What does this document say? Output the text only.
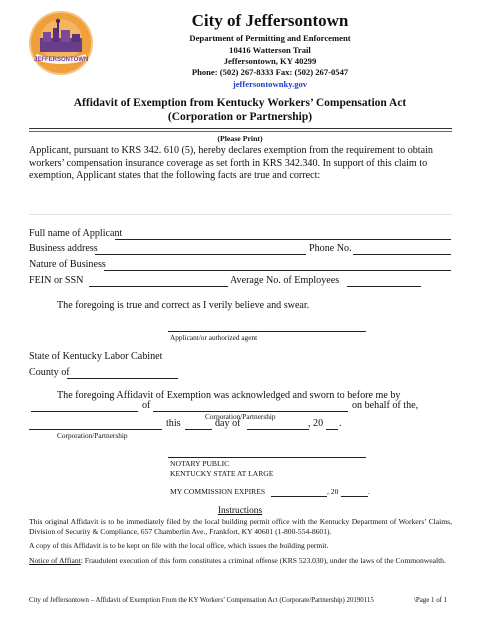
JEFFERSONTOWN
City of Jeffersontown
Department of Permitting and Enforcement
10416 Watterson Trail
Jeffersontown, KY 40299
Phone: (502) 267-8333 Fax: (502) 267-0547
jeffersontownky.gov
Affidavit of Exemption from Kentucky Workers’ Compensation Act
(Corporation or Partnership)
(Please Print)
Applicant, pursuant to KRS 342. 610 (5), hereby declares exemption from the requirement to obtain workers’ compensation insurance coverage as set forth in KRS 342.340. In support of this claim to exemption, Applicant states that the following facts are true and correct:
Full name of Applicant
Business address	Phone No.
Nature of Business
FEIN or SSN	Average No. of Employees
The foregoing is true and correct as I verily believe and swear.
Applicant/or authorized agent
State of Kentucky Labor Cabinet
County of
The foregoing Affidavit of Exemption was acknowledged and sworn to before me by
of	on behalf of the,
Corporation/Partnership
this	day of	, 20 .
Corporation/Partnership
NOTARY PUBLIC
KENTUCKY STATE AT LARGE
MY COMMISSION EXPIRES	, 20	.
Instructions
This original Affidavit is to be immediately filed by the local building permit office with the Kentucky Department of Workers’ Claims, Division of Security & Compliance, 657 Chamberlin Ave., Frankfort, KY 40601 (1-800-554-8601).
A copy of this Affidavit is to be kept on file with the local office, which issues the building permit.
Notice of Affiant: Fraudulent execution of this form constitutes a criminal offense (KRS 523.030), under the laws of the Commonwealth.
City of Jeffersontown – Affidavit of Exemption From the KY Workers’ Compensation Act (Corporate/Partnership) 20190115	\Page 1 of 1
